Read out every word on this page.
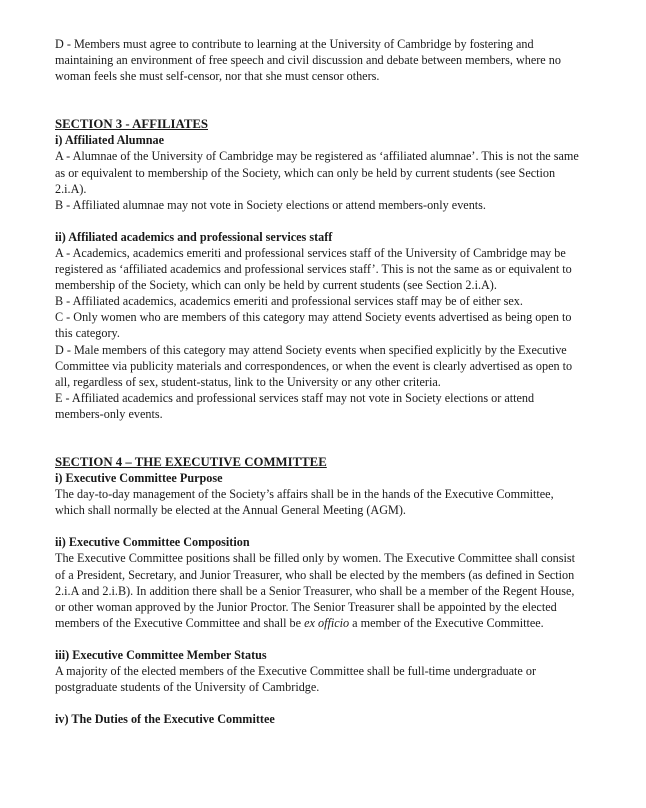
D - Members must agree to contribute to learning at the University of Cambridge by fostering and maintaining an environment of free speech and civil discussion and debate between members, where no woman feels she must self-censor, nor that she must censor others.

SECTION 3 - AFFILIATES

i) Affiliated Alumnae

A - Alumnae of the University of Cambridge may be registered as ‘affiliated alumnae’. This is not the same as or equivalent to membership of the Society, which can only be held by current students (see Section 2.i.A).

B - Affiliated alumnae may not vote in Society elections or attend members-only events.

ii) Affiliated academics and professional services staff

A - Academics, academics emeriti and professional services staff of the University of Cambridge may be registered as ‘affiliated academics and professional services staff’. This is not the same as or equivalent to membership of the Society, which can only be held by current students (see Section 2.i.A).

B - Affiliated academics, academics emeriti and professional services staff may be of either sex.

C - Only women who are members of this category may attend Society events advertised as being open to this category.

D - Male members of this category may attend Society events when specified explicitly by the Executive Committee via publicity materials and correspondences, or when the event is clearly advertised as open to all, regardless of sex, student-status, link to the University or any other criteria.

E - Affiliated academics and professional services staff may not vote in Society elections or attend members-only events.

SECTION 4 – THE EXECUTIVE COMMITTEE

i) Executive Committee Purpose

The day-to-day management of the Society’s affairs shall be in the hands of the Executive Committee, which shall normally be elected at the Annual General Meeting (AGM).

ii) Executive Committee Composition

The Executive Committee positions shall be filled only by women. The Executive Committee shall consist of a President, Secretary, and Junior Treasurer, who shall be elected by the members (as defined in Section 2.i.A and 2.i.B). In addition there shall be a Senior Treasurer, who shall be a member of the Regent House, or other woman approved by the Junior Proctor. The Senior Treasurer shall be appointed by the elected members of the Executive Committee and shall be ex officio a member of the Executive Committee.

iii) Executive Committee Member Status

A majority of the elected members of the Executive Committee shall be full-time undergraduate or postgraduate students of the University of Cambridge.

iv) The Duties of the Executive Committee
